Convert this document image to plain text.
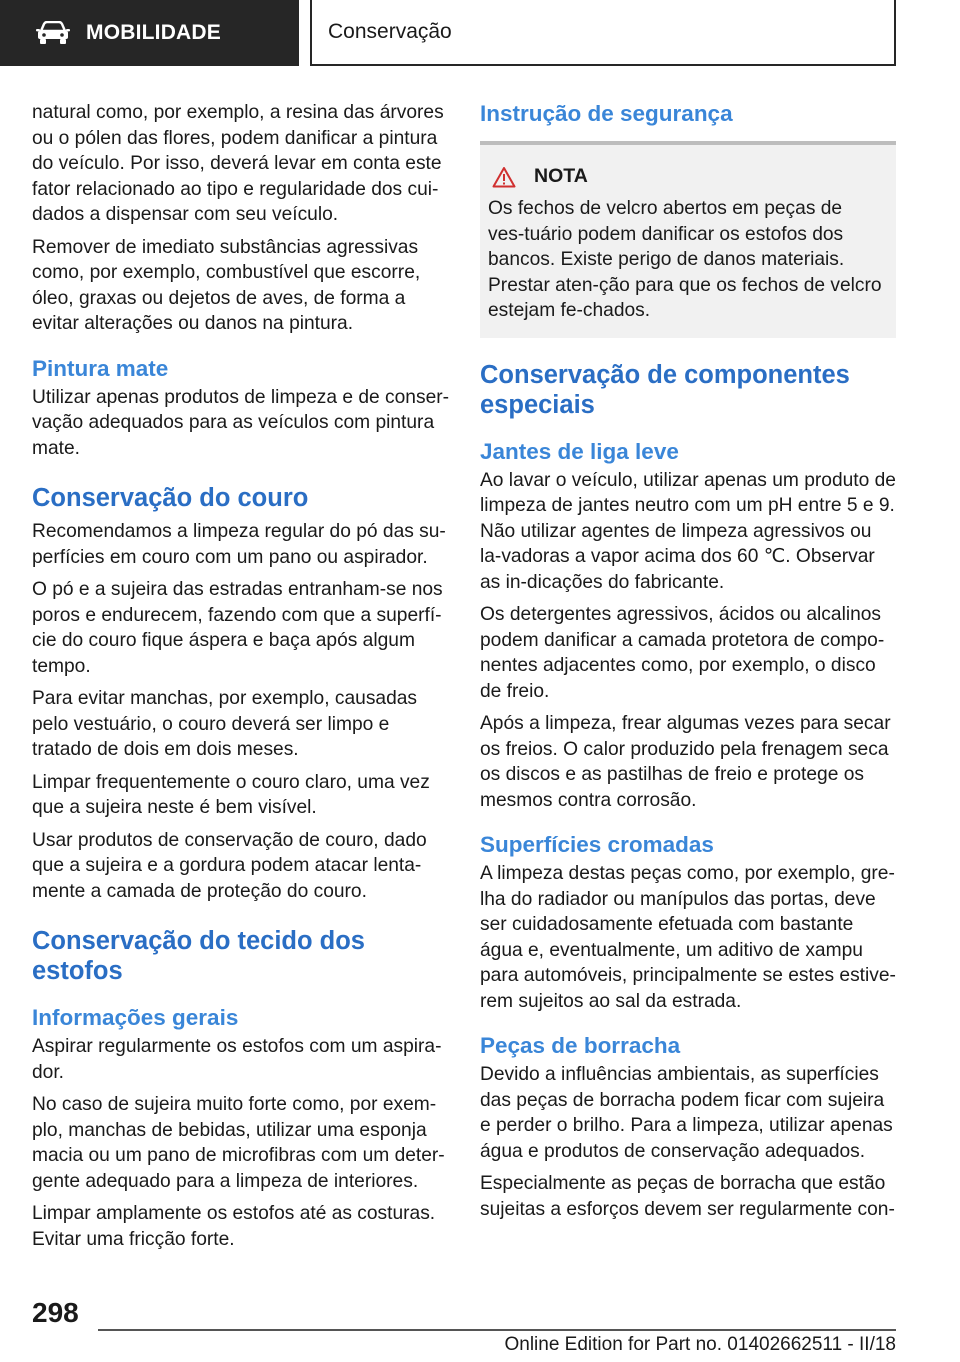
MOBILIDADE	Conservação

natural como, por exemplo, a resina das árvores ou o pólen das flores, podem danificar a pintura do veículo. Por isso, deverá levar em conta este fator relacionado ao tipo e regularidade dos cui-dados a dispensar com seu veículo.

Remover de imediato substâncias agressivas como, por exemplo, combustível que escorre, óleo, graxas ou dejetos de aves, de forma a evitar alterações ou danos na pintura.

Pintura mate

Utilizar apenas produtos de limpeza e de conser-vação adequados para as veículos com pintura mate.

Conservação do couro

Recomendamos a limpeza regular do pó das su-perfícies em couro com um pano ou aspirador.

O pó e a sujeira das estradas entranham-se nos poros e endurecem, fazendo com que a superfí-cie do couro fique áspera e baça após algum tempo.

Para evitar manchas, por exemplo, causadas pelo vestuário, o couro deverá ser limpo e tratado de dois em dois meses.

Limpar frequentemente o couro claro, uma vez que a sujeira neste é bem visível.

Usar produtos de conservação de couro, dado que a sujeira e a gordura podem atacar lenta-mente a camada de proteção do couro.

Conservação do tecido dos estofos
Informações gerais

Aspirar regularmente os estofos com um aspira-dor.

No caso de sujeira muito forte como, por exem-plo, manchas de bebidas, utilizar uma esponja macia ou um pano de microfibras com um deter-gente adequado para a limpeza de interiores.

Limpar amplamente os estofos até as costuras. Evitar uma fricção forte.

Instrução de segurança
NOTA

Os fechos de velcro abertos em peças de ves-tuário podem danificar os estofos dos bancos. Existe perigo de danos materiais. Prestar aten-ção para que os fechos de velcro estejam fe-chados.

Conservação de componentes especiais
Jantes de liga leve

Ao lavar o veículo, utilizar apenas um produto de limpeza de jantes neutro com um pH entre 5 e 9. Não utilizar agentes de limpeza agressivos ou la-vadoras a vapor acima dos 60 ℃. Observar as in-dicações do fabricante.

Os detergentes agressivos, ácidos ou alcalinos podem danificar a camada protetora de compo-nentes adjacentes como, por exemplo, o disco de freio.

Após a limpeza, frear algumas vezes para secar os freios. O calor produzido pela frenagem seca os discos e as pastilhas de freio e protege os mesmos contra corrosão.

Superfícies cromadas

A limpeza destas peças como, por exemplo, gre-lha do radiador ou manípulos das portas, deve ser cuidadosamente efetuada com bastante água e, eventualmente, um aditivo de xampu para automóveis, principalmente se estes estive-rem sujeitos ao sal da estrada.

Peças de borracha

Devido a influências ambientais, as superfícies das peças de borracha podem ficar com sujeira e perder o brilho. Para a limpeza, utilizar apenas água e produtos de conservação adequados.

Especialmente as peças de borracha que estão sujeitas a esforços devem ser regularmente con-

298
Online Edition for Part no. 01402662511 - II/18
